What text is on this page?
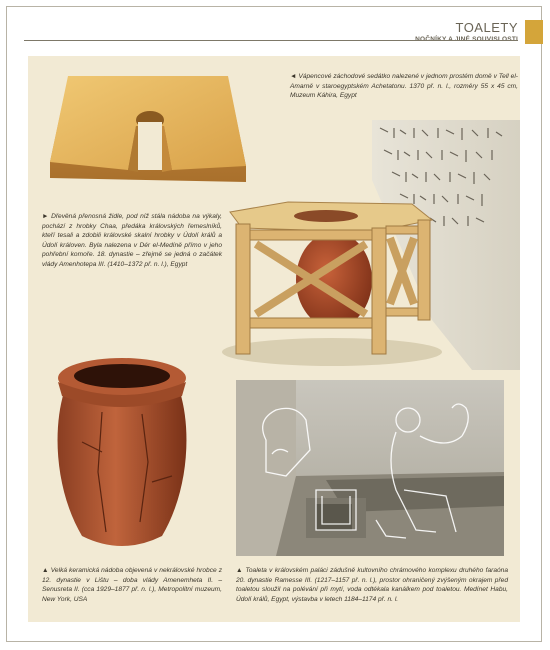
TOALETY
◄ Vápencové záchodové sedátko nalezené v jednom prostém domě v Tell el-Amarně v staroegyptském Achetatonu. 1370 př. n. l., rozměry 55 x 45 cm, Muzeum Káhira, Egypt
► Dřevěná přenosná židle, pod níž stála nádoba na výkaly, pochází z hrobky Chaa, předáka královských řemeslníků, kteří tesali a zdobili královské skalní hrobky v Údolí králů a Údolí královen. Byla nalezena v Dér el-Medíně přímo v jeho pohřební komoře. 18. dynastie – zřejmě se jedná o začátek vlády Amenhotepa III. (1410–1372 př. n. l.), Egypt
▲ Velká keramická nádoba objevená v nekrálovské hrobce z 12. dynastie v Lištu – doba vlády Amenemheta II. – Senusreta II. (cca 1929–1877 př. n. l.), Metropolitní muzeum, New York, USA
▲ Toaleta v královském paláci zádušně kultovního chrámového komplexu druhého faraóna 20. dynastie Ramesse III. (1217–1157 př. n. l.), prostor ohraničený zvýšeným okrajem před toaletou sloužil na polévání při mytí, voda odtékala kanálkem pod toaletou. Medínet Habu, Údolí králů, Egypt, výstavba v letech 1184–1174 př. n. l.
